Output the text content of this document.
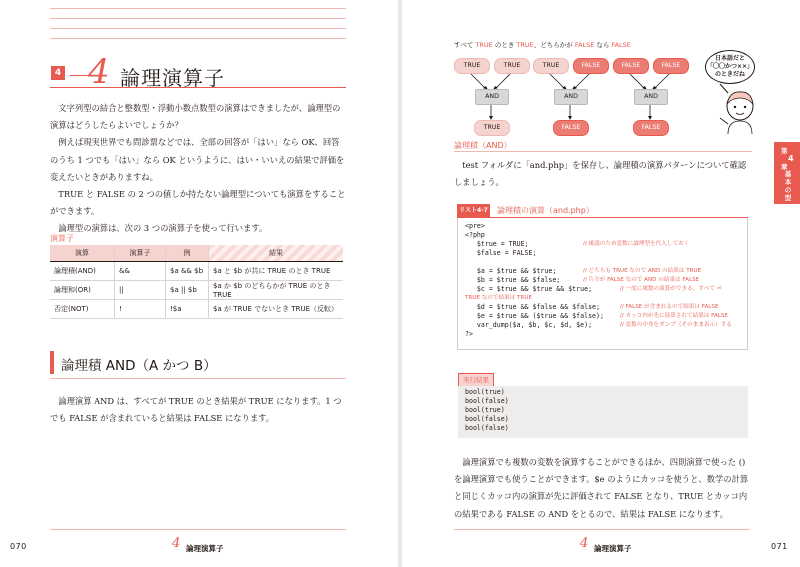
4 4 論理演算子

文字列型の結合と整数型・浮動小数点数型の演算はできましたが、論理型の演算はどうしたらよいでしょうか？

例えば現実世界でも問診票などでは、全部の回答が「はい」なら OK、回答のうち 1 つでも「はい」なら OK というように、はい・いいえの結果で評価を変えたいときがありますね。

TRUE と FALSE の 2 つの値しか持たない論理型についても演算をすることができます。

論理型の演算は、次の 3 つの演算子を使って行います。

演算子
演算	演算子	例	結果
論理積(AND)	&&	$a && $b	$a と $b が共に TRUE のとき TRUE
論理和(OR)	||	$a || $b	$a か $b のどちらかが TRUE のとき TRUE
否定(NOT)	!	!$a	$a が TRUE でないとき TRUE（反転）
論理積 AND（A かつ B）

論理演算 AND は、すべてが TRUE のとき結果が TRUE になります。1 つでも FALSE が含まれていると結果は FALSE になります。

070	4 論理演算子
すべて TRUE のとき TRUE、どちらかが FALSE なら FALSE
TRUE	TRUE
AND
TRUE
TRUE	FALSE
AND
FALSE
FALSE	FALSE
AND
FALSE
日本語だと
「〇〇かつ××」
のときだね
論理積（AND）

test フォルダに「and.php」を保存し、論理積の演算パターンについて確認しましょう。

リスト4-7 論理積の演算（and.php）
<pre>
<?php
$true = TRUE;
$false = FALSE;
$a = $true && $true;
$b = $true && $false;
$c = $true && $true && $true;
$d = $true && $false && $false;
$e = $true && ($true && $false);
var_dump($a, $b, $c, $d, $e);
?>
// 確認のため変数に論理型を代入しておく
// どちらも TRUE なので AND の結果は TRUE
// 片方が FALSE なので AND の結果は FALSE
// 一度に複数の演算ができる。すべて ⏎
TRUE なので結果は TRUE
// FALSE が含まれるので結果は FALSE
// カッコ内が先に演算されて結果は FALSE
// 変数の中身をダンプ（そのまま表示）する
実行結果
bool(true)
bool(false)
bool(true)
bool(false)
bool(false)

論理演算でも複数の変数を演算することができるほか、四則演算で使った () を論理演算でも使うことができます。$e のようにカッコを使うと、数学の計算と同じくカッコ内の演算が先に評価されて FALSE となり、TRUE とカッコ内の結果である FALSE の AND をとるので、結果は FALSE になります。

4 論理演算子	071
第
4
章
基本の型
